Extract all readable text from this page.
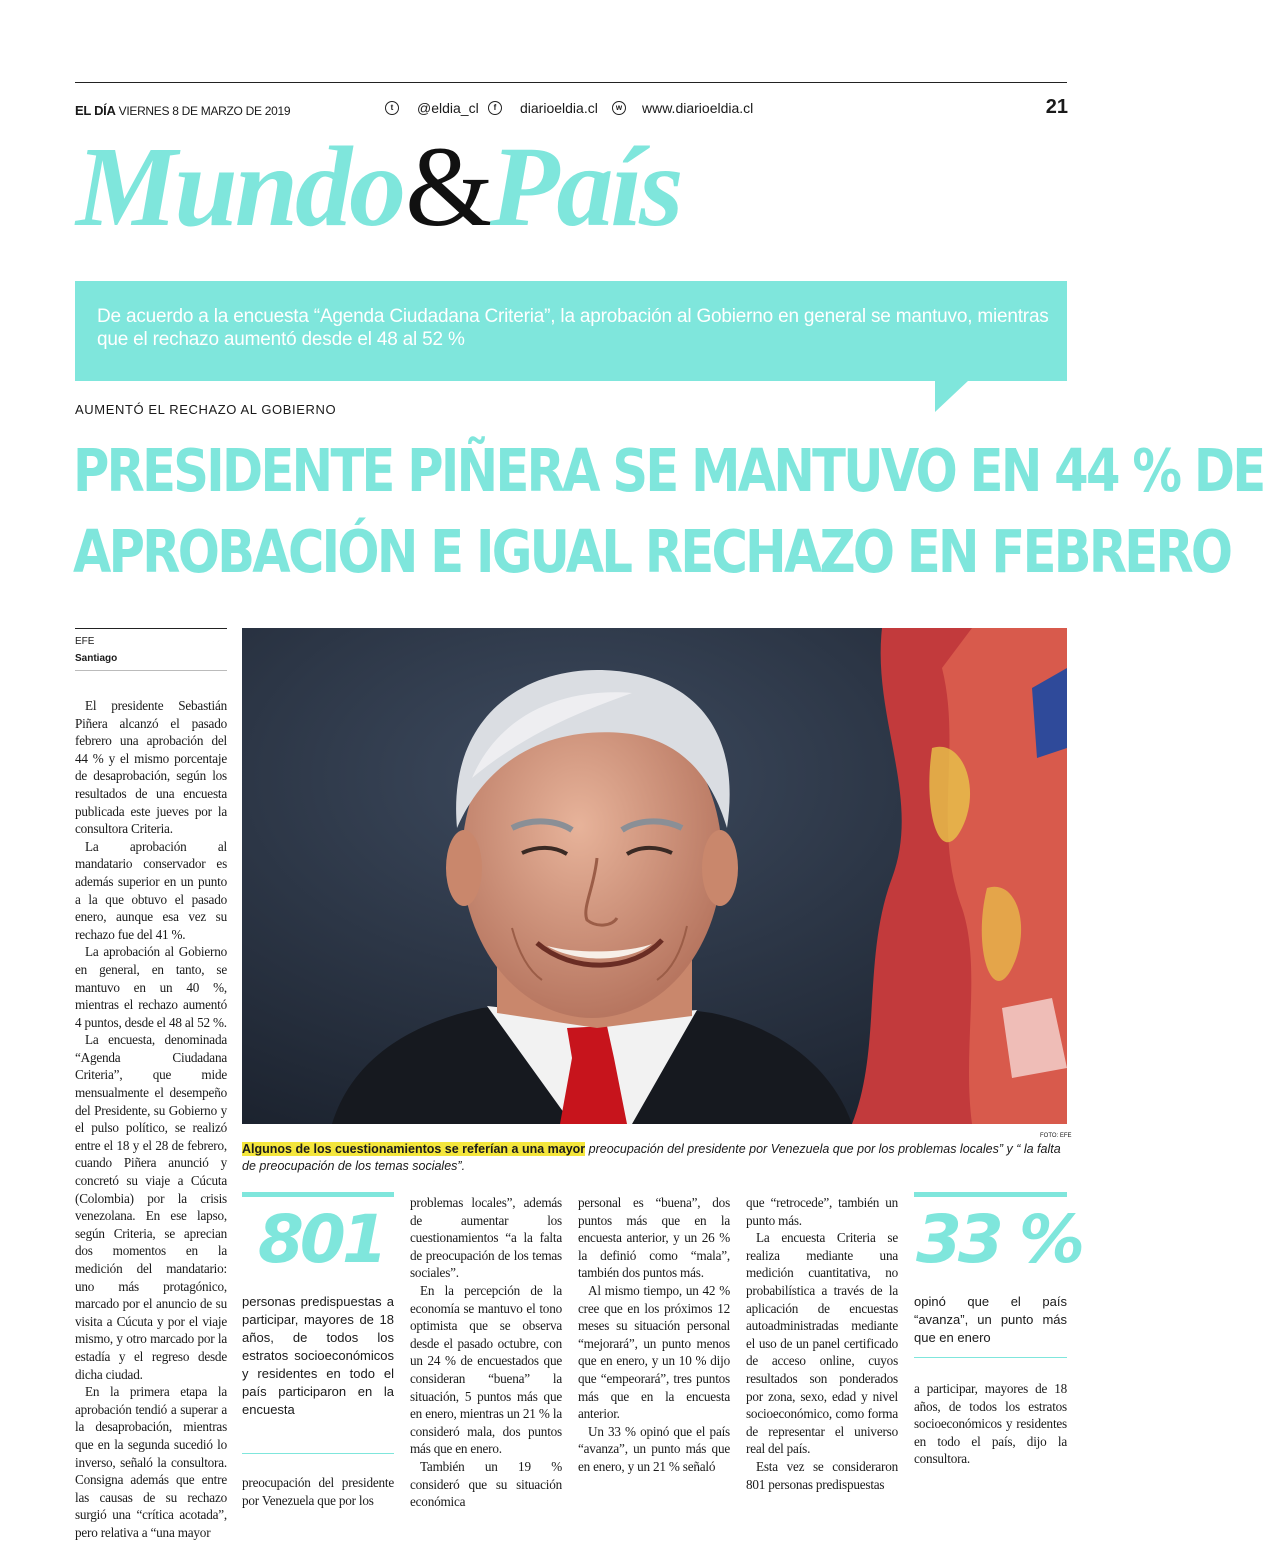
EL DÍA VIERNES 8 DE MARZO DE 2019	t	@eldia_cl	f	diarioeldia.cl	w www.diarioeldia.cl	21
Mundo&País
De acuerdo a la encuesta “Agenda Ciudadana Criteria”, la aprobación al Gobierno en general se mantuvo, mientras que el rechazo aumentó desde el 48 al 52 %
AUMENTÓ EL RECHAZO AL GOBIERNO
PRESIDENTE PIÑERA SE MANTUVO EN 44 % DE
APROBACIÓN E IGUAL RECHAZO EN FEBRERO
EFE
Santiago

El presidente Sebastián Piñera alcanzó el pasado febrero una aprobación del 44 % y el mismo porcentaje de desaprobación, según los resultados de una encuesta publicada este jueves por la consultora Criteria.

La aprobación al mandatario conservador es además superior en un punto a la que obtuvo el pasado enero, aunque esa vez su rechazo fue del 41 %.

La aprobación al Gobierno en general, en tanto, se mantuvo en un 40 %, mientras el rechazo aumentó 4 puntos, desde el 48 al 52 %.

La encuesta, denominada “Agenda Ciudadana Criteria”, que mide mensualmente el desempeño del Presidente, su Gobierno y el pulso político, se realizó entre el 18 y el 28 de febrero, cuando Piñera anunció y concretó su viaje a Cúcuta (Colombia) por la crisis venezolana. En ese lapso, según Criteria, se aprecian dos momentos en la medición del mandatario: uno más protagónico, marcado por el anuncio de su visita a Cúcuta y por el viaje mismo, y otro marcado por la estadía y el regreso desde dicha ciudad.

En la primera etapa la aprobación tendió a superar a la desaprobación, mientras que en la segunda sucedió lo inverso, señaló la consultora. Consigna además que entre las causas de su rechazo surgió una “crítica acotada”, pero relativa a “una mayor

FOTO: EFE
Algunos de los cuestionamientos se referían a una mayor preocupación del presidente por Venezuela que por los problemas locales” y “ la falta de preocupación de los temas sociales”.
801
personas predispuestas a participar, mayores de 18 años, de todos los estratos socioeconómicos y residentes en todo el país participaron en la encuesta

preocupación del presidente por Venezuela que por los

problemas locales”, además de aumentar los cuestionamientos “a la falta de preocupación de los temas sociales”.

En la percepción de la economía se mantuvo el tono optimista que se observa desde el pasado octubre, con un 24 % de encuestados que consideran “buena” la situación, 5 puntos más que en enero, mientras un 21 % la consideró mala, dos puntos más que en enero.

También un 19 % consideró que su situación económica

personal es “buena”, dos puntos más que en la encuesta anterior, y un 26 % la definió como “mala”, también dos puntos más.

Al mismo tiempo, un 42 % cree que en los próximos 12 meses su situación personal “mejorará”, un punto menos que en enero, y un 10 % dijo que “empeorará”, tres puntos más que en la encuesta anterior.

Un 33 % opinó que el país “avanza”, un punto más que en enero, y un 21 % señaló

que “retrocede”, también un punto más.

La encuesta Criteria se realiza mediante una medición cuantitativa, no probabilística a través de la aplicación de encuestas autoadministradas mediante el uso de un panel certificado de acceso online, cuyos resultados son ponderados por zona, sexo, edad y nivel socioeconómico, como forma de representar el universo real del país.

Esta vez se consideraron 801 personas predispuestas

33 %
opinó que el país “avanza”, un punto más que en enero

a participar, mayores de 18 años, de todos los estratos socioeconómicos y residentes en todo el país, dijo la consultora.
